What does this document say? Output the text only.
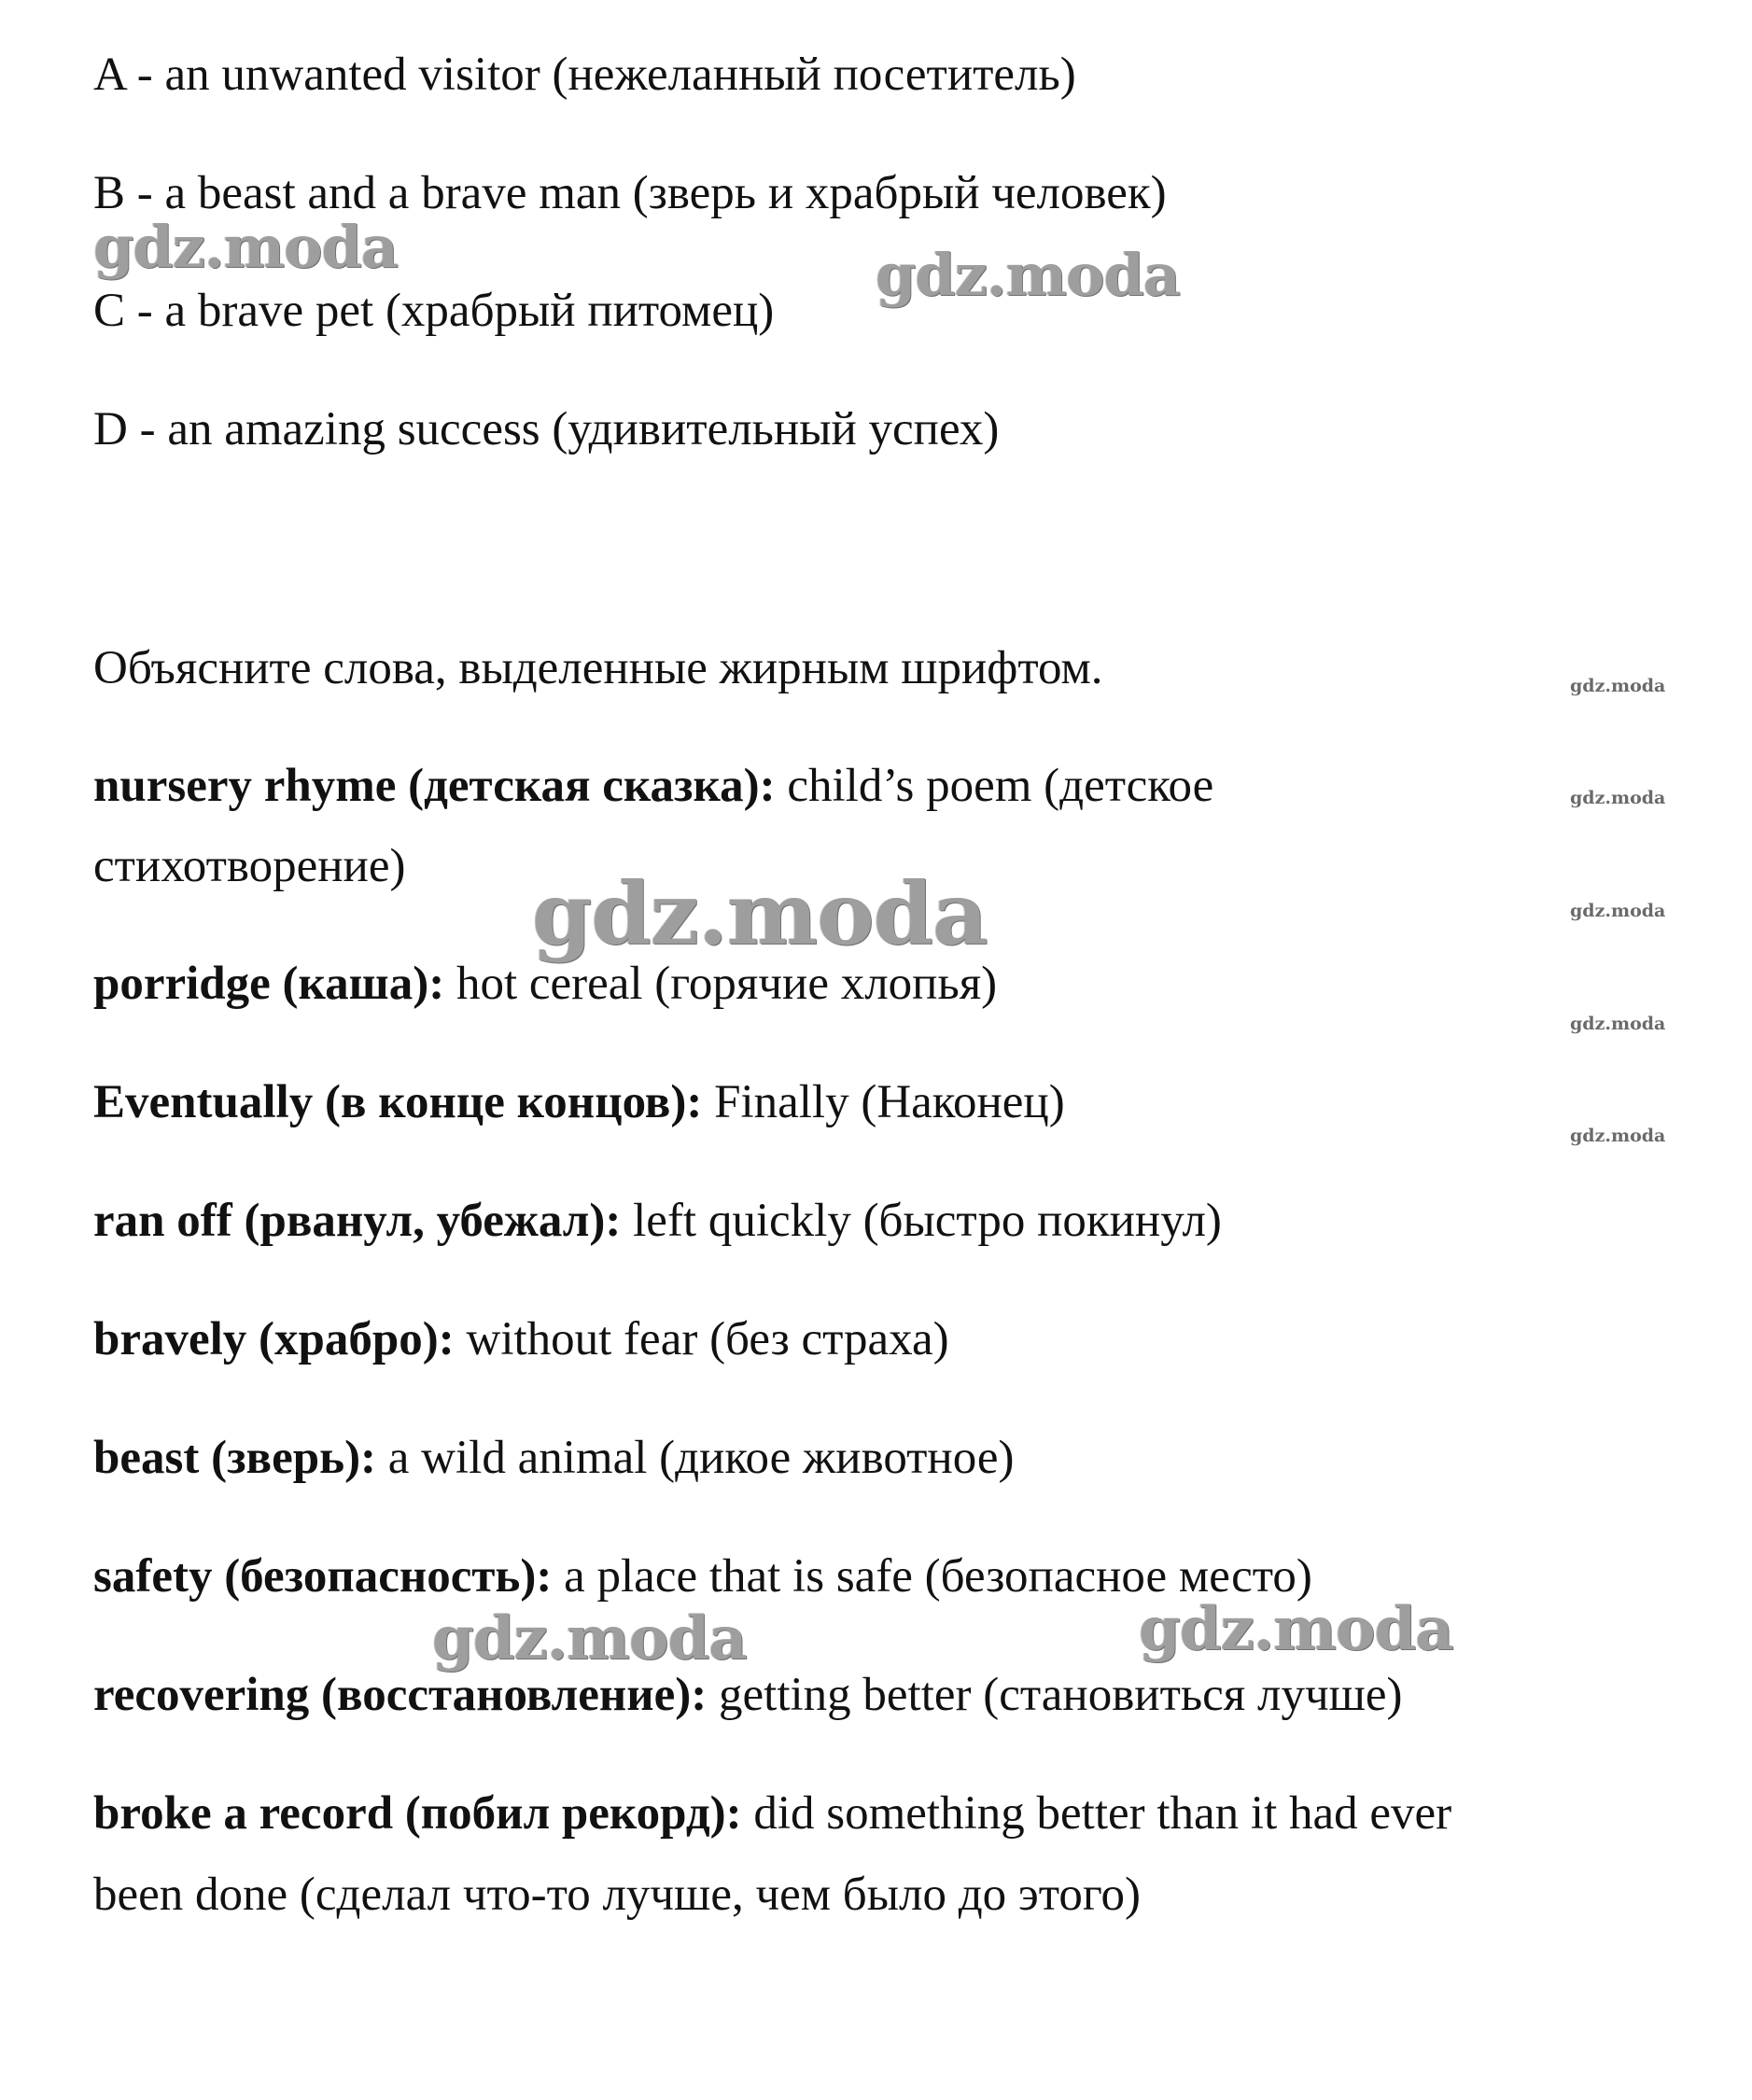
A - an unwanted visitor (нежеланный посетитель)

B - a beast and a brave man (зверь и храбрый человек)

C - a brave pet (храбрый питомец)

D - an amazing success (удивительный успех)

Объясните слова, выделенные жирным шрифтом.

nursery rhyme (детская сказка): child’s poem (детское

стихотворение)

porridge (каша): hot cereal (горячие хлопья)

Eventually (в конце концов): Finally (Наконец)

ran off (рванул, убежал): left quickly (быстро покинул)

bravely (храбро): without fear (без страха)

beast (зверь): a wild animal (дикое животное)

safety (безопасность): a place that is safe (безопасное место)

recovering (восстановление): getting better (становиться лучше)

broke a record (побил рекорд): did something better than it had ever

been done (сделал что-то лучше, чем было до этого)

gdz.moda	gdz.moda
gdz.moda
gdz.moda	gdz.moda
gdz.moda
gdz.moda
gdz.moda
gdz.moda
gdz.moda
